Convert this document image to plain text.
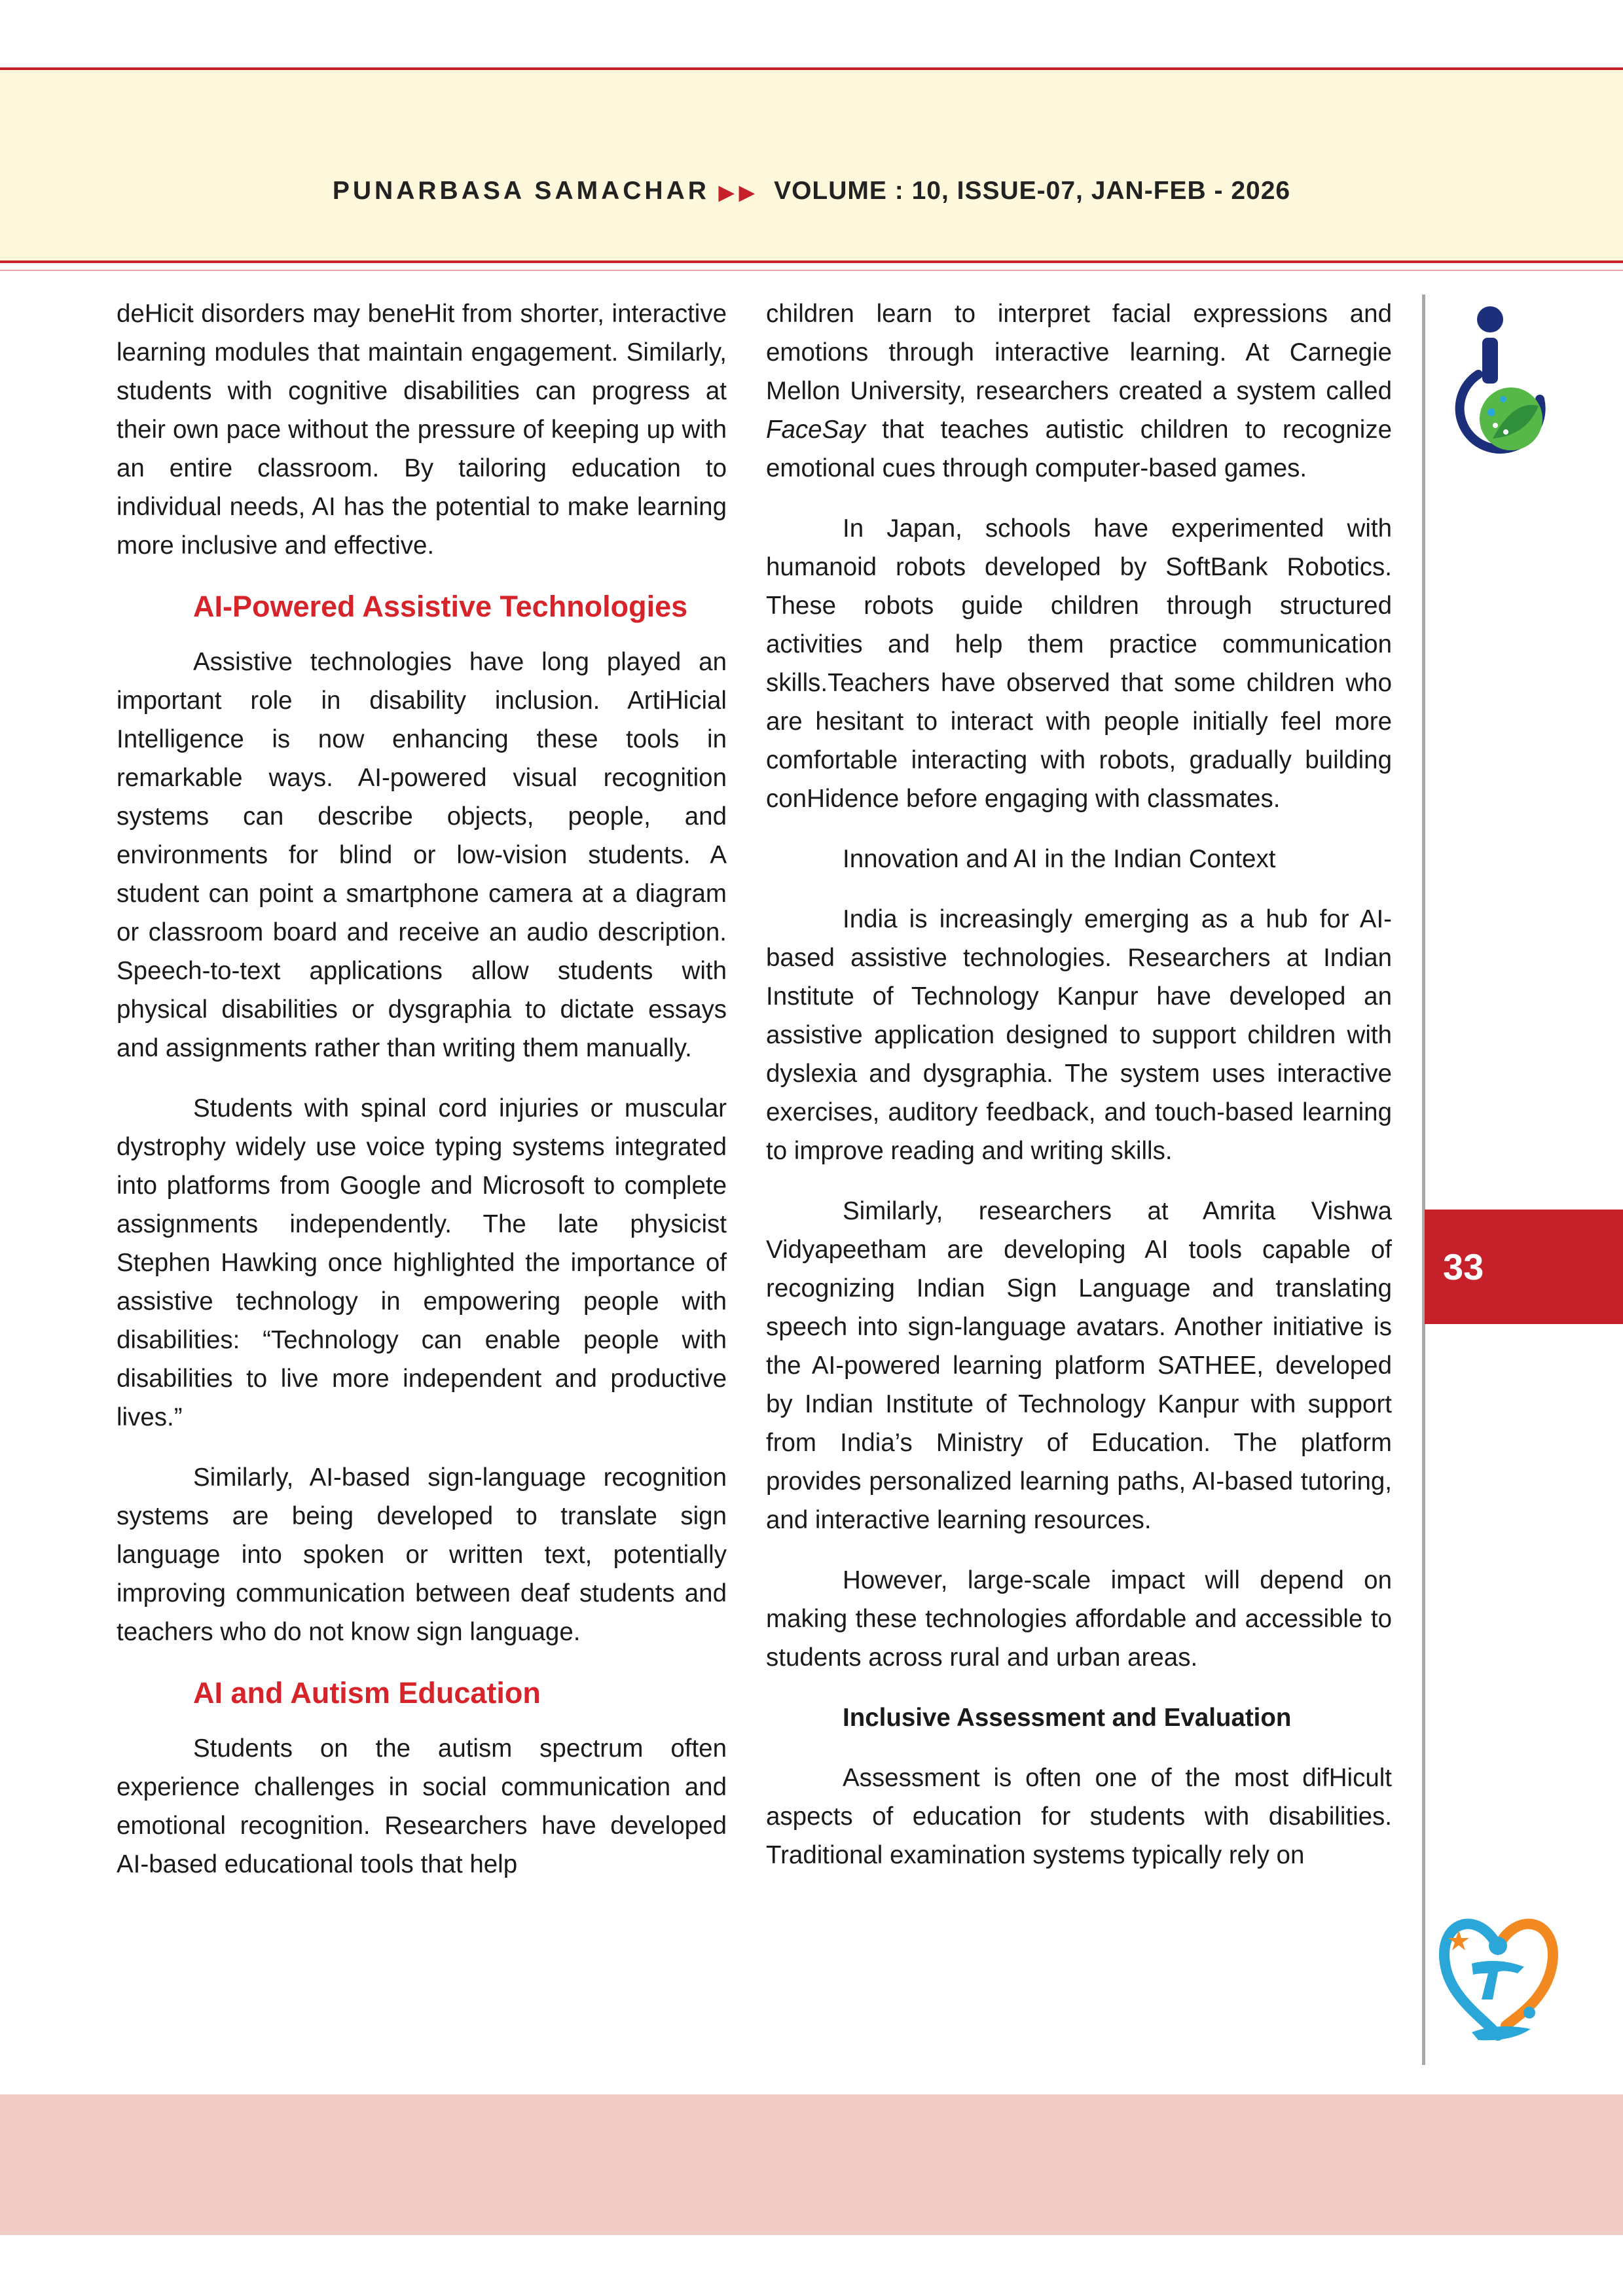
PUNARBASA SAMACHAR ▶▶ VOLUME : 10, ISSUE-07, JAN-FEB - 2026

deHicit disorders may beneHit from shorter, interactive learning modules that maintain engagement. Similarly, students with cognitive disabilities can progress at their own pace without the pressure of keeping up with an entire classroom. By tailoring education to individual needs, AI has the potential to make learning more inclusive and effective.

AI-Powered Assistive Technologies

Assistive technologies have long played an important role in disability inclusion. ArtiHicial Intelligence is now enhancing these tools in remarkable ways. AI-powered visual recognition systems can describe objects, people, and environments for blind or low-vision students. A student can point a smartphone camera at a diagram or classroom board and receive an audio description. Speech-to-text applications allow students with physical disabilities or dysgraphia to dictate essays and assignments rather than writing them manually.

Students with spinal cord injuries or muscular dystrophy widely use voice typing systems integrated into platforms from Google and Microsoft to complete assignments independently. The late physicist Stephen Hawking once highlighted the importance of assistive technology in empowering people with disabilities: “Technology can enable people with disabilities to live more independent and productive lives.”

Similarly, AI-based sign-language recognition systems are being developed to translate sign language into spoken or written text, potentially improving communication between deaf students and teachers who do not know sign language.

AI and Autism Education

Students on the autism spectrum often experience challenges in social communication and emotional recognition. Researchers have developed AI-based educational tools that help

children learn to interpret facial expressions and emotions through interactive learning. At Carnegie Mellon University, researchers created a system called FaceSay that teaches autistic children to recognize emotional cues through computer-based games.

In Japan, schools have experimented with humanoid robots developed by SoftBank Robotics. These robots guide children through structured activities and help them practice communication skills.Teachers have observed that some children who are hesitant to interact with people initially feel more comfortable interacting with robots, gradually building conHidence before engaging with classmates.

Innovation and AI in the Indian Context

India is increasingly emerging as a hub for AI-based assistive technologies. Researchers at Indian Institute of Technology Kanpur have developed an assistive application designed to support children with dyslexia and dysgraphia. The system uses interactive exercises, auditory feedback, and touch-based learning to improve reading and writing skills.

Similarly, researchers at Amrita Vishwa Vidyapeetham are developing AI tools capable of recognizing Indian Sign Language and translating speech into sign-language avatars. Another initiative is the AI-powered learning platform SATHEE, developed by Indian Institute of Technology Kanpur with support from India’s Ministry of Education. The platform provides personalized learning paths, AI-based tutoring, and interactive learning resources.

However, large-scale impact will depend on making these technologies affordable and accessible to students across rural and urban areas.

Inclusive Assessment and Evaluation

Assessment is often one of the most difHicult aspects of education for students with disabilities. Traditional examination systems typically rely on

33
